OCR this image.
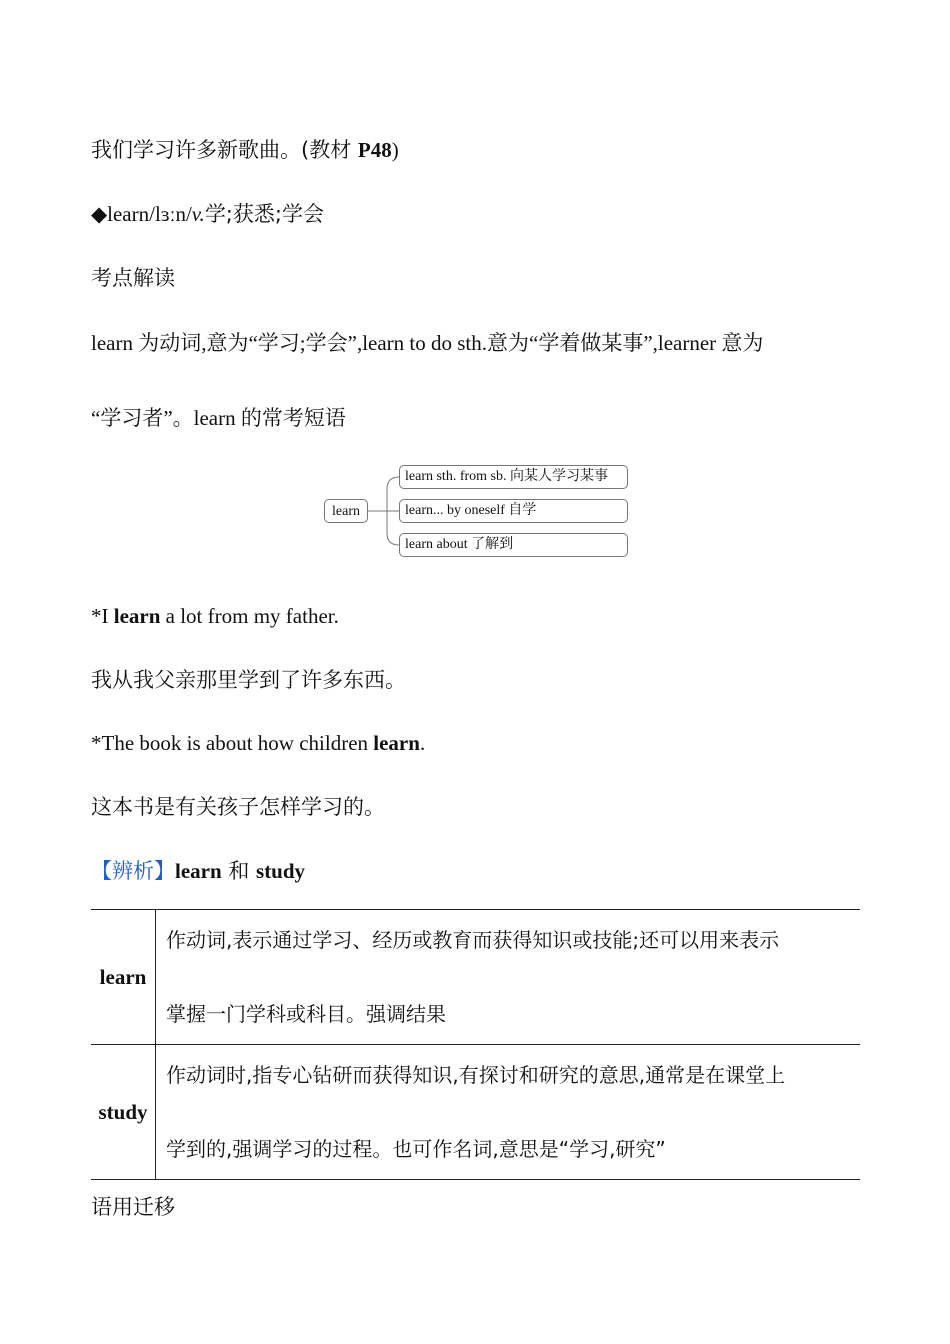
我们学习许多新歌曲。(教材 P48)
◆learn/lɜːn/v.学;获悉;学会
考点解读
learn 为动词,意为“学习;学会”,learn to do sth.意为“学着做某事”,learner 意为
“学习者”。learn 的常考短语
learn
learn sth. from sb. 向某人学习某事
learn... by oneself 自学
learn about 了解到
*I learn a lot from my father.
我从我父亲那里学到了许多东西。
*The book is about how children learn.
这本书是有关孩子怎样学习的。
【辨析】learn 和 study
learn	作动词,表示通过学习、经历或教育而获得知识或技能;还可以用来表示
掌握一门学科或科目。强调结果

study	作动词时,指专心钻研而获得知识,有探讨和研究的意思,通常是在课堂上
学到的,强调学习的过程。也可作名词,意思是“学习,研究”
语用迁移
